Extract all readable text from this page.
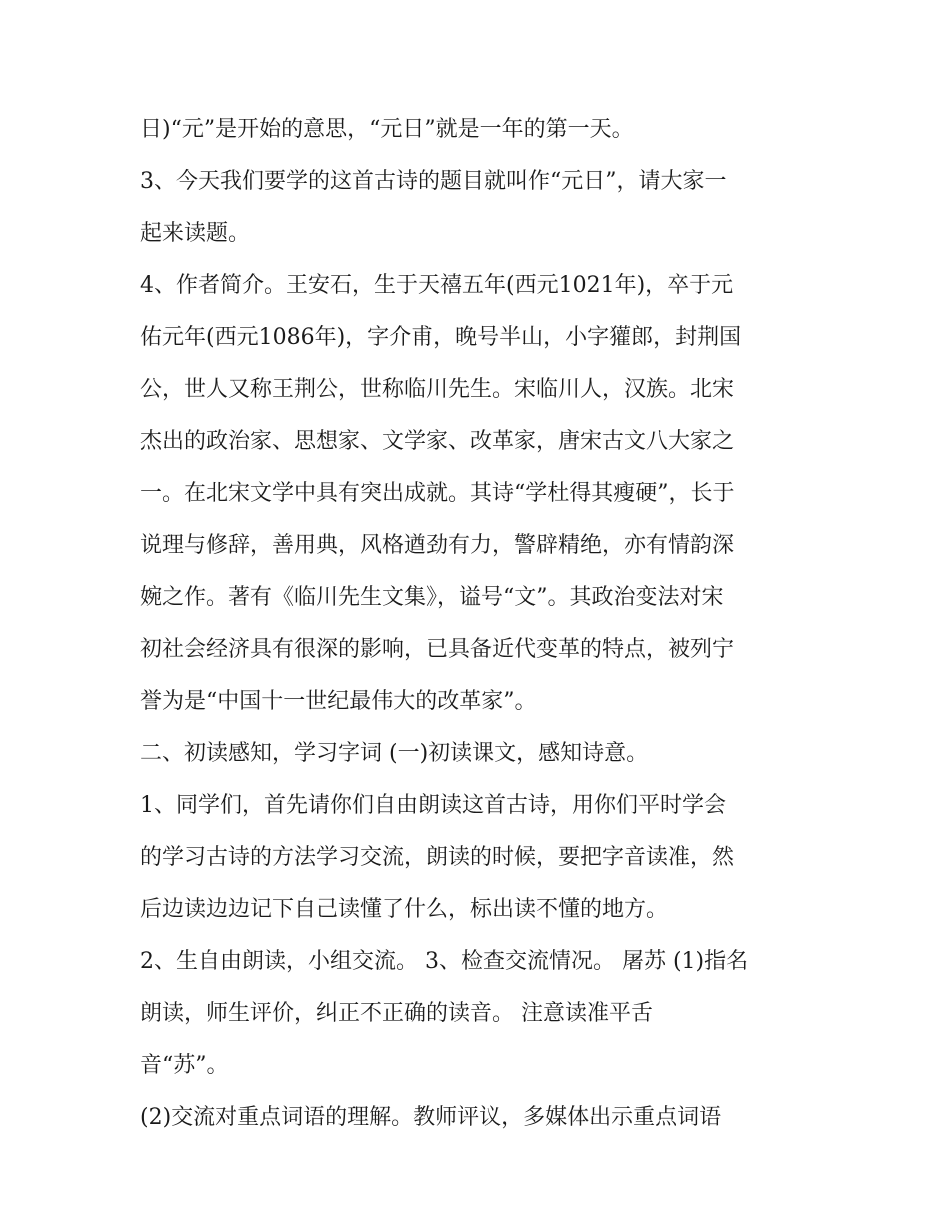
日)“元”是开始的意思，“元日”就是一年的第一天。
3、今天我们要学的这首古诗的题目就叫作“元日”，请大家一
起来读题。
4、作者简介。王安石，生于天禧五年(西元1021年)，卒于元
佑元年(西元1086年)，字介甫，晚号半山，小字獾郎，封荆国
公，世人又称王荆公，世称临川先生。宋临川人，汉族。北宋
杰出的政治家、思想家、文学家、改革家，唐宋古文八大家之
一。在北宋文学中具有突出成就。其诗“学杜得其瘦硬”，长于
说理与修辞，善用典，风格遒劲有力，警辟精绝，亦有情韵深
婉之作。著有《临川先生文集》，谥号“文”。其政治变法对宋
初社会经济具有很深的影响，已具备近代变革的特点，被列宁
誉为是“中国十一世纪最伟大的改革家”。
二、初读感知，学习字词 (一)初读课文，感知诗意。
1、同学们，首先请你们自由朗读这首古诗，用你们平时学会
的学习古诗的方法学习交流，朗读的时候，要把字音读准，然
后边读边边记下自己读懂了什么，标出读不懂的地方。
2、生自由朗读，小组交流。 3、检查交流情况。 屠苏 (1)指名
朗读，师生评价，纠正不正确的读音。 注意读准平舌
音“苏”。
(2)交流对重点词语的理解。教师评议，多媒体出示重点词语
